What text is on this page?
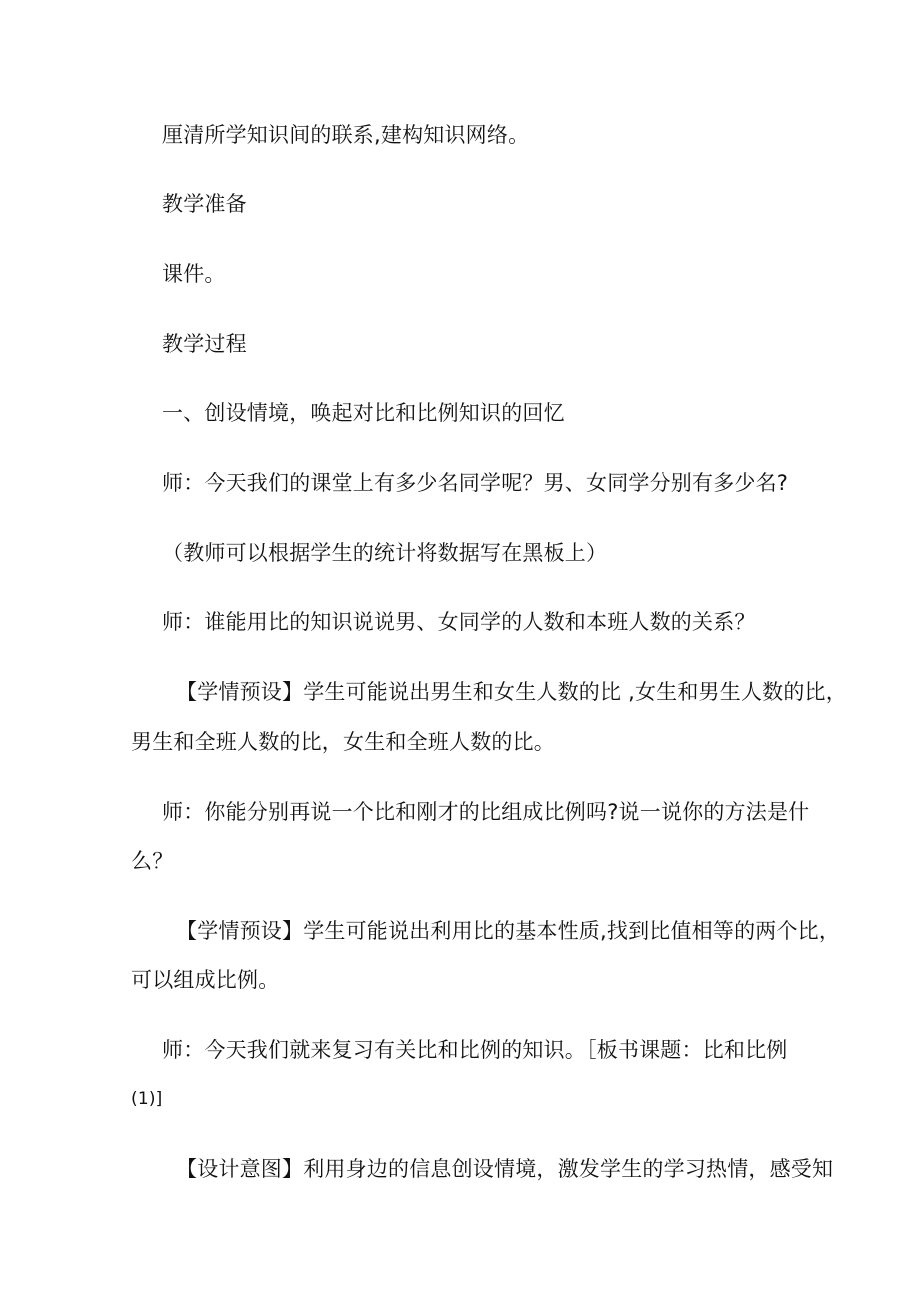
厘清所学知识间的联系,建构知识网络。
教学准备
课件。
教学过程
一、创设情境，唤起对比和比例知识的回忆
师：今天我们的课堂上有多少名同学呢？男、女同学分别有多少名?
（教师可以根据学生的统计将数据写在黑板上）
师：谁能用比的知识说说男、女同学的人数和本班人数的关系？
【学情预设】学生可能说出男生和女生人数的比 ,女生和男生人数的比，
男生和全班人数的比，女生和全班人数的比。
师：你能分别再说一个比和刚才的比组成比例吗?说一说你的方法是什
么？
【学情预设】学生可能说出利用比的基本性质,找到比值相等的两个比，
可以组成比例。
师：今天我们就来复习有关比和比例的知识。［板书课题：比和比例
(1)]
【设计意图】利用身边的信息创设情境，激发学生的学习热情，感受知
